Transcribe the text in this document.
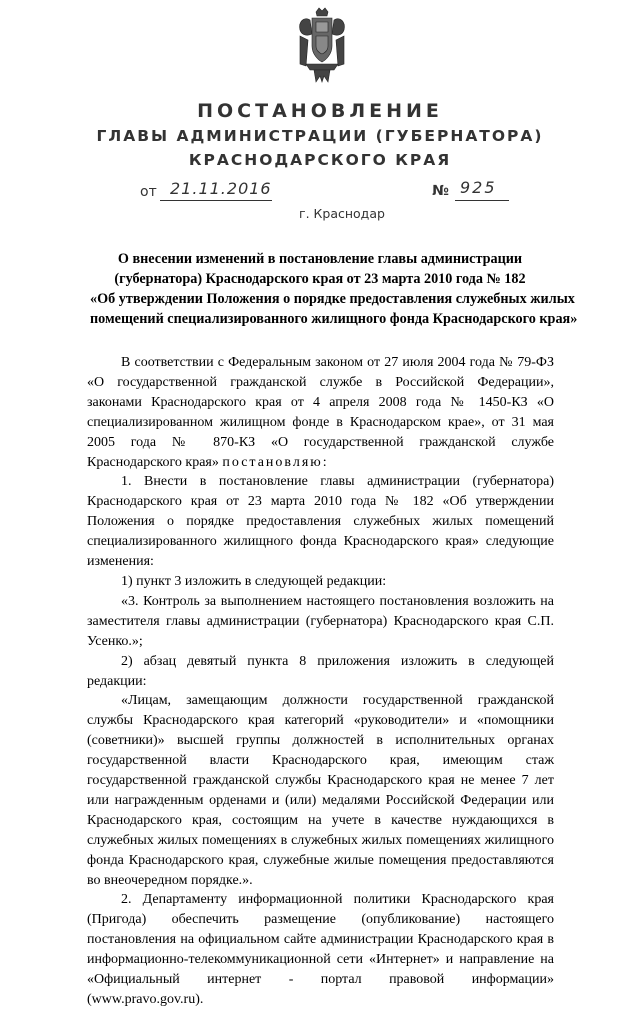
ПОСТАНОВЛЕНИЕ
ГЛАВЫ АДМИНИСТРАЦИИ (ГУБЕРНАТОРА)
КРАСНОДАРСКОГО КРАЯ
от 21.11.2016	№ 925
г. Краснодар
О внесении изменений в постановление главы администрации
(губернатора) Краснодарского края от 23 марта 2010 года № 182
«Об утверждении Положения о порядке предоставления служебных жилых
помещений специализированного жилищного фонда Краснодарского края»

В соответствии с Федеральным законом от 27 июля 2004 года № 79-ФЗ «О государственной гражданской службе в Российской Федерации», законами Краснодарского края от 4 апреля 2008 года № 1450-КЗ «О специализированном жилищном фонде в Краснодарском крае», от 31 мая 2005 года № 870-КЗ «О государственной гражданской службе Краснодарского края» постановляю:

1. Внести в постановление главы администрации (губернатора) Краснодарского края от 23 марта 2010 года № 182 «Об утверждении Положения о порядке предоставления служебных жилых помещений специализированного жилищного фонда Краснодарского края» следующие изменения:

1) пункт 3 изложить в следующей редакции:

«3. Контроль за выполнением настоящего постановления возложить на заместителя главы администрации (губернатора) Краснодарского края С.П. Усенко.»;

2) абзац девятый пункта 8 приложения изложить в следующей редакции:

«Лицам, замещающим должности государственной гражданской службы Краснодарского края категорий «руководители» и «помощники (советники)» высшей группы должностей в исполнительных органах государственной власти Краснодарского края, имеющим стаж государственной гражданской службы Краснодарского края не менее 7 лет или награжденным орденами и (или) медалями Российской Федерации или Краснодарского края, состоящим на учете в качестве нуждающихся в служебных жилых помещениях в служебных жилых помещениях жилищного фонда Краснодарского края, служебные жилые помещения предоставляются во внеочередном порядке.».

2. Департаменту информационной политики Краснодарского края (Пригода) обеспечить размещение (опубликование) настоящего постановления на официальном сайте администрации Краснодарского края в информационно-телекоммуникационной сети «Интернет» и направление на «Официальный интернет - портал правовой информации» (www.pravo.gov.ru).
